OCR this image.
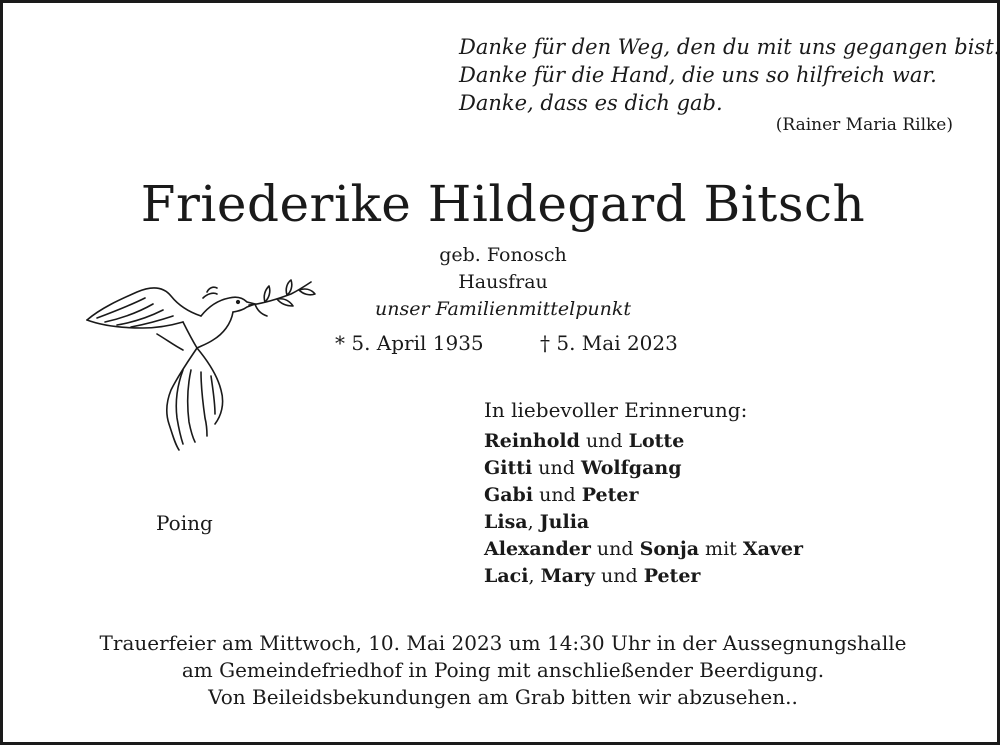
Danke für den Weg, den du mit uns gegangen bist.
Danke für die Hand, die uns so hilfreich war.
Danke, dass es dich gab.
(Rainer Maria Rilke)
Friederike Hildegard Bitsch
geb. Fonosch
Hausfrau
unser Familienmittelpunkt
* 5. April 1935	† 5. Mai 2023
Poing
In liebevoller Erinnerung:
Reinhold und Lotte
Gitti und Wolfgang
Gabi und Peter
Lisa, Julia
Alexander und Sonja mit Xaver
Laci, Mary und Peter
Trauerfeier am Mittwoch, 10. Mai 2023 um 14:30 Uhr in der Aussegnungshalle
am Gemeindefriedhof in Poing mit anschließender Beerdigung.
Von Beileidsbekundungen am Grab bitten wir abzusehen..
